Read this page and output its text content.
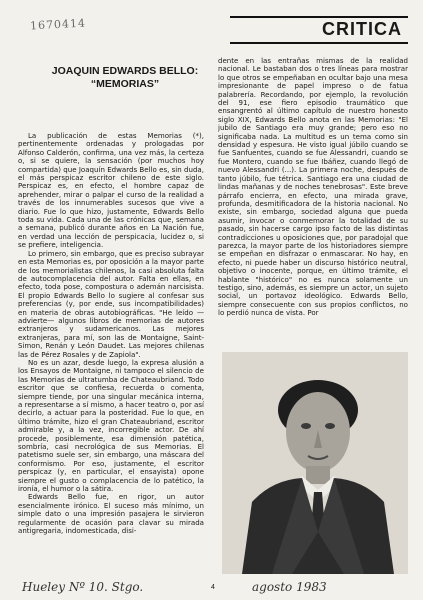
1670414	CRITICA
JOAQUIN EDWARDS BELLO:
“MEMORIAS”

La publicación de estas Memorias (*), pertinentemente ordenadas y prologadas por Alfonso Calderón, confirma, una vez más, la certeza o, si se quiere, la sensación (por muchos hoy compartida) que Joaquín Edwards Bello es, sin duda, el más perspicaz escritor chileno de este siglo. Perspicaz es, en efecto, el hombre capaz de aprehender, mirar o palpar el curso de la realidad a través de los innumerables sucesos que vive a diario. Fue lo que hizo, justamente, Edwards Bello toda su vida. Cada una de las crónicas que, semana a semana, publicó durante años en La Nación fue, en verdad una lección de perspicacia, lucidez o, si se prefiere, inteligencia.

Lo primero, sin embargo, que es preciso subrayar en esta Memorias es, por oposición a la mayor parte de los memorialistas chilenos, la casi absoluta falta de autocomplacencia del autor. Falta en ellas, en efecto, toda pose, compostura o ademán narcisista. El propio Edwards Bello lo sugiere al confesar sus preferencias (y, por ende, sus incompatibilidades) en materia de obras autobiográficas. "He leído —advierte— algunos libros de memorias de autores extranjeros y sudamericanos. Las mejores extranjeras, para mí, son las de Montaigne, Saint-Simon, Renán y León Daudet. Las mejores chilenas las de Pérez Rosales y de Zapiola".

No es un azar, desde luego, la expresa alusión a los Ensayos de Montaigne, ni tampoco el silencio de las Memorias de ultratumba de Chateaubriand. Todo escritor que se confiesa, recuerda o comenta, siempre tiende, por una singular mecánica interna, a representarse a sí mismo, a hacer teatro o, por así decirlo, a actuar para la posteridad. Fue lo que, en último trámite, hizo el gran Chateaubriand, escritor admirable y, a la vez, incorregible actor. De ahí procede, posiblemente, esa dimensión patética, sombría, casi necrológica de sus Memorias. El patetismo suele ser, sin embargo, una máscara del conformismo. Por eso, justamente, el escritor perspicaz (y, en particular, el ensayista) opone siempre el gusto o complacencia de lo patético, la ironía, el humor o la sátira.

Edwards Bello fue, en rigor, un autor esencialmente irónico. El suceso más mínimo, un simple dato o una impresión pasajera le sirvieron regularmente de ocasión para clavar su mirada antigregaria, indomesticada, disi-

dente en las entrañas mismas de la realidad nacional. Le bastaban dos o tres líneas para mostrar lo que otros se empeñaban en ocultar bajo una mesa impresionante de papel impreso o de fatua palabrería. Recordando, por ejemplo, la revolución del 91, ese fiero episodio traumático que ensangrentó al último capítulo de nuestro honesto siglo XIX, Edwards Bello anota en las Memorias: "El jubilo de Santiago era muy grande; pero eso no significaba nada. La multitud es un tema como sin densidad y espesura. He visto igual júbilo cuando se fue Sanfuentes, cuando se fue Alessandri, cuando se fue Montero, cuando se fue Ibáñez, cuando llegó de nuevo Alessandri (...). La primera noche, después de tanto júbilo, fue tétrica. Santiago era una ciudad de lindas mañanas y de noches tenebrosas". Este breve párrafo encierra, en efecto, una mirada grave, profunda, desmitificadora de la historia nacional. No existe, sin embargo, sociedad alguna que pueda asumir, invocar o conmemorar la totalidad de su pasado, sin hacerse cargo ipso facto de las distintas contradicciones u oposiciones que, por paradojal que parezca, la mayor parte de los historiadores siempre se empeñan en disfrazar o enmascarar. No hay, en efecto, ni puede haber un discurso histórico neutral, objetivo o inocente, porque, en último trámite, el hablante "histórico" no es nunca solamente un testigo, sino, además, es siempre un actor, un sujeto social, un portavoz ideológico. Edwards Bello, siempre consecuente con sus propios conflictos, no lo perdió nunca de vista. Por

Hueley Nº 10. Stgo.	4	agosto 1983
